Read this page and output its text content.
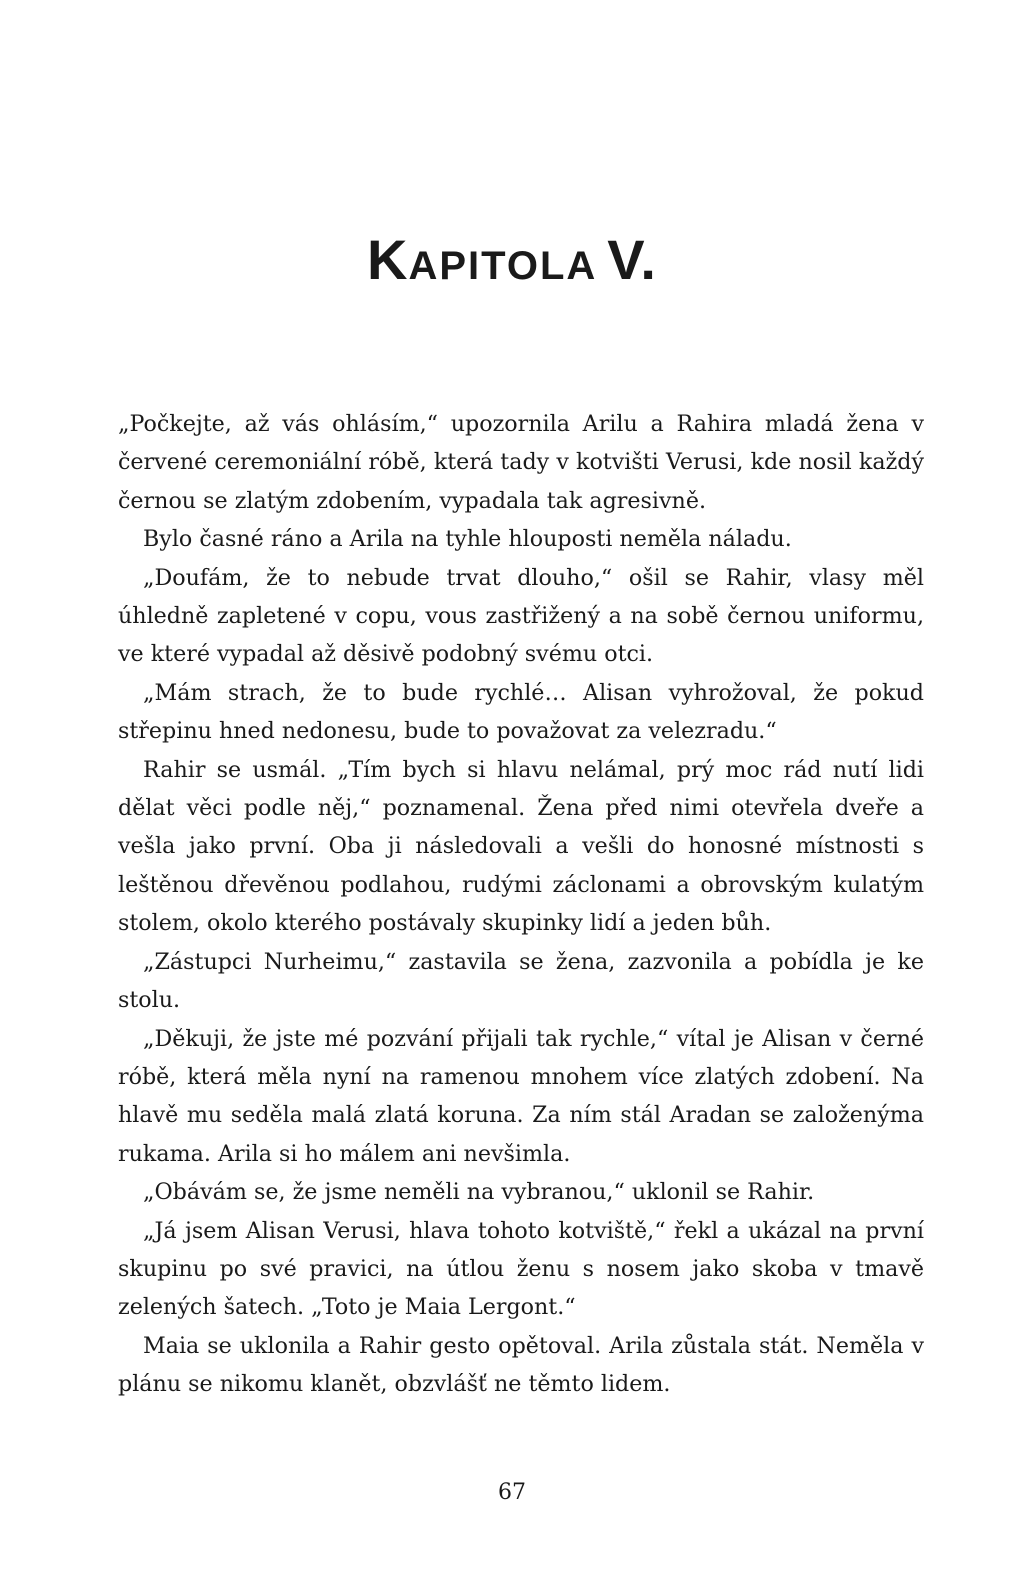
KAPITOLA V.

„Počkejte, až vás ohlásím,“ upozornila Arilu a Rahira mladá žena v červené ceremoniální róbě, která tady v kotvišti Verusi, kde nosil každý černou se zlatým zdobením, vypadala tak agresivně.

Bylo časné ráno a Arila na tyhle hlouposti neměla náladu.

„Doufám, že to nebude trvat dlouho,“ ošil se Rahir, vlasy měl úhledně zapletené v copu, vous zastřižený a na sobě černou uniformu, ve které vypadal až děsivě podobný svému otci.

„Mám strach, že to bude rychlé… Alisan vyhrožoval, že pokud střepinu hned nedonesu, bude to považovat za velezradu.“

Rahir se usmál. „Tím bych si hlavu nelámal, prý moc rád nutí lidi dělat věci podle něj,“ poznamenal. Žena před nimi otevřela dveře a vešla jako první. Oba ji následovali a vešli do honosné místnosti s leštěnou dřevěnou podlahou, rudými záclonami a obrovským kulatým stolem, okolo kterého postávaly skupinky lidí a jeden bůh.

„Zástupci Nurheimu,“ zastavila se žena, zazvonila a pobídla je ke stolu.

„Děkuji, že jste mé pozvání přijali tak rychle,“ vítal je Alisan v černé róbě, která měla nyní na ramenou mnohem více zlatých zdobení. Na hlavě mu seděla malá zlatá koruna. Za ním stál Aradan se založenýma rukama. Arila si ho málem ani nevšimla.

„Obávám se, že jsme neměli na vybranou,“ uklonil se Rahir.

„Já jsem Alisan Verusi, hlava tohoto kotviště,“ řekl a ukázal na první skupinu po své pravici, na útlou ženu s nosem jako skoba v tmavě zelených šatech. „Toto je Maia Lergont.“

Maia se uklonila a Rahir gesto opětoval. Arila zůstala stát. Neměla v plánu se nikomu klanět, obzvlášť ne těmto lidem.

67
